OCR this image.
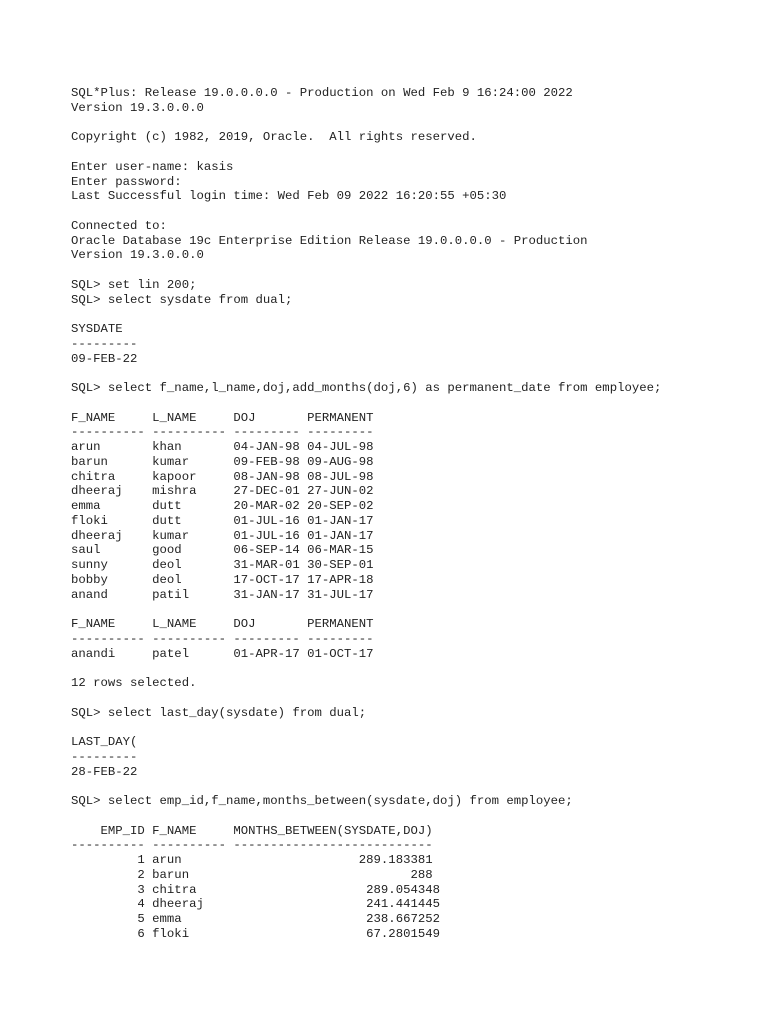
SQL*Plus: Release 19.0.0.0.0 - Production on Wed Feb 9 16:24:00 2022
Version 19.3.0.0.0
Copyright (c) 1982, 2019, Oracle.  All rights reserved.
Enter user-name: kasis
Enter password:
Last Successful login time: Wed Feb 09 2022 16:20:55 +05:30
Connected to:
Oracle Database 19c Enterprise Edition Release 19.0.0.0.0 - Production
Version 19.3.0.0.0
SQL> set lin 200;
SQL> select sysdate from dual;
SYSDATE
---------
09-FEB-22
SQL> select f_name,l_name,doj,add_months(doj,6) as permanent_date from employee;
F_NAME     L_NAME     DOJ       PERMANENT
---------- ---------- --------- ---------
arun       khan       04-JAN-98 04-JUL-98
barun      kumar      09-FEB-98 09-AUG-98
chitra     kapoor     08-JAN-98 08-JUL-98
dheeraj    mishra     27-DEC-01 27-JUN-02
emma       dutt       20-MAR-02 20-SEP-02
floki      dutt       01-JUL-16 01-JAN-17
dheeraj    kumar      01-JUL-16 01-JAN-17
saul       good       06-SEP-14 06-MAR-15
sunny      deol       31-MAR-01 30-SEP-01
bobby      deol       17-OCT-17 17-APR-18
anand      patil      31-JAN-17 31-JUL-17
F_NAME     L_NAME     DOJ       PERMANENT
---------- ---------- --------- ---------
anandi     patel      01-APR-17 01-OCT-17
12 rows selected.
SQL> select last_day(sysdate) from dual;
LAST_DAY(
---------
28-FEB-22
SQL> select emp_id,f_name,months_between(sysdate,doj) from employee;
EMP_ID F_NAME     MONTHS_BETWEEN(SYSDATE,DOJ)
---------- ---------- ---------------------------
1 arun                        289.183381
2 barun                              288
3 chitra                       289.054348
4 dheeraj                      241.441445
5 emma                         238.667252
6 floki                        67.2801549
